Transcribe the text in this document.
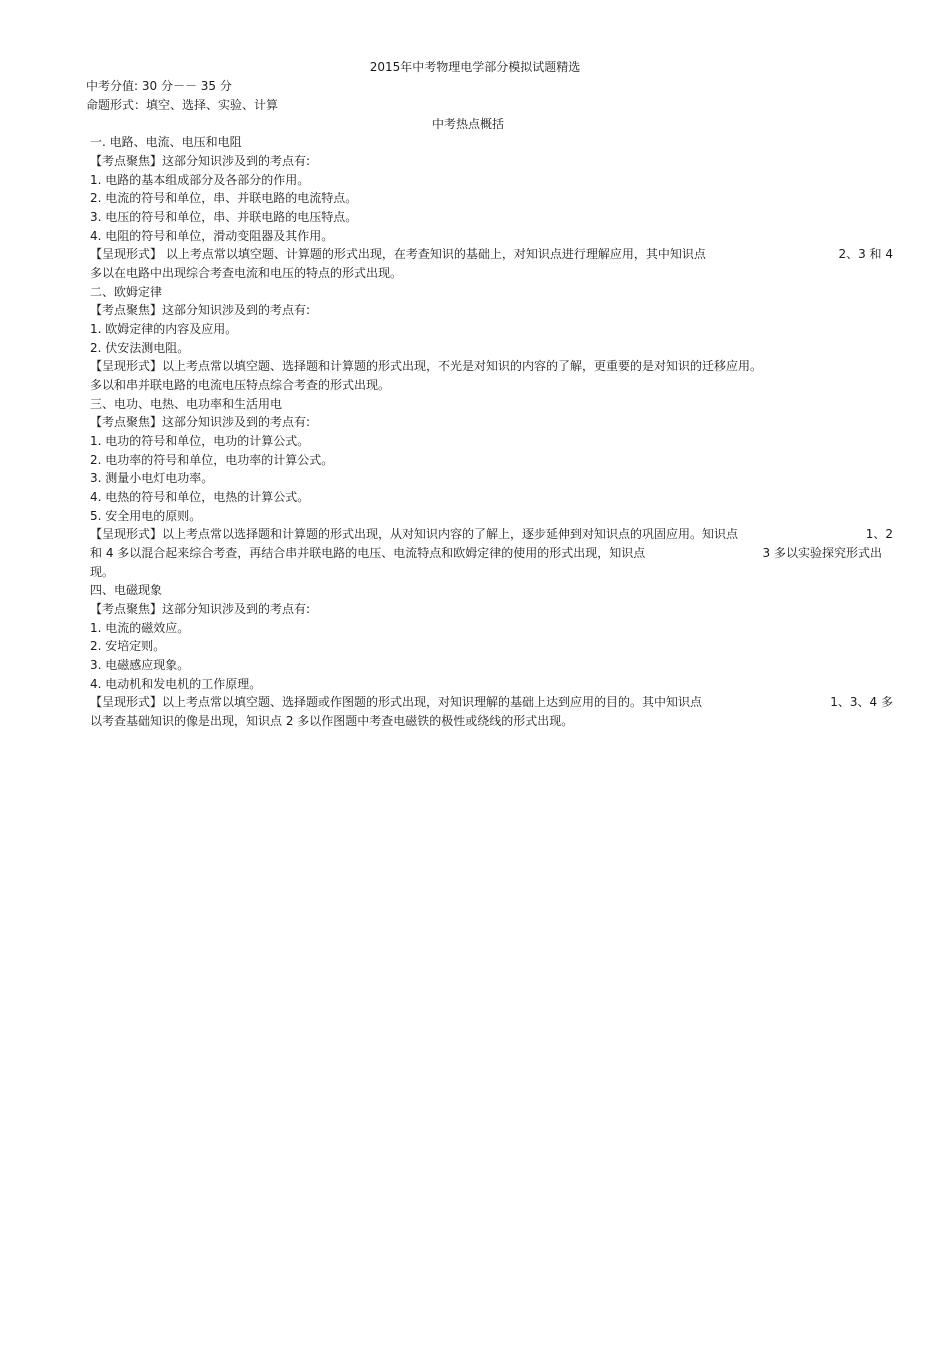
2015年中考物理电学部分模拟试题精选
中考分值: 30 分－－ 35 分
命题形式：填空、选择、实验、计算
中考热点概括
一. 电路、电流、电压和电阻
【考点聚焦】这部分知识涉及到的考点有:
1. 电路的基本组成部分及各部分的作用。
2. 电流的符号和单位，串、并联电路的电流特点。
3. 电压的符号和单位，串、并联电路的电压特点。
4. 电阻的符号和单位，滑动变阻器及其作用。
【呈现形式】 以上考点常以填空题、计算题的形式出现，在考查知识的基础上，对知识点进行理解应用，其中知识点	2、3 和 4
多以在电路中出现综合考查电流和电压的特点的形式出现。
二、欧姆定律
【考点聚焦】这部分知识涉及到的考点有:
1. 欧姆定律的内容及应用。
2. 伏安法测电阻。
【呈现形式】以上考点常以填空题、选择题和计算题的形式出现，不光是对知识的内容的了解，更重要的是对知识的迁移应用。
多以和串并联电路的电流电压特点综合考查的形式出现。
三、电功、电热、电功率和生活用电
【考点聚焦】这部分知识涉及到的考点有:
1. 电功的符号和单位，电功的计算公式。
2. 电功率的符号和单位，电功率的计算公式。
3. 测量小电灯电功率。
4. 电热的符号和单位，电热的计算公式。
5. 安全用电的原则。
【呈现形式】以上考点常以选择题和计算题的形式出现，从对知识内容的了解上，逐步延伸到对知识点的巩固应用。知识点	1、2
和 4 多以混合起来综合考查，再结合串并联电路的电压、电流特点和欧姆定律的使用的形式出现，知识点	3 多以实验探究形式出
现。
四、电磁现象
【考点聚焦】这部分知识涉及到的考点有:
1. 电流的磁效应。
2. 安培定则。
3. 电磁感应现象。
4. 电动机和发电机的工作原理。
【呈现形式】以上考点常以填空题、选择题或作图题的形式出现，对知识理解的基础上达到应用的目的。其中知识点	1、3、4 多
以考查基础知识的像是出现，知识点 2 多以作图题中考查电磁铁的极性或绕线的形式出现。
